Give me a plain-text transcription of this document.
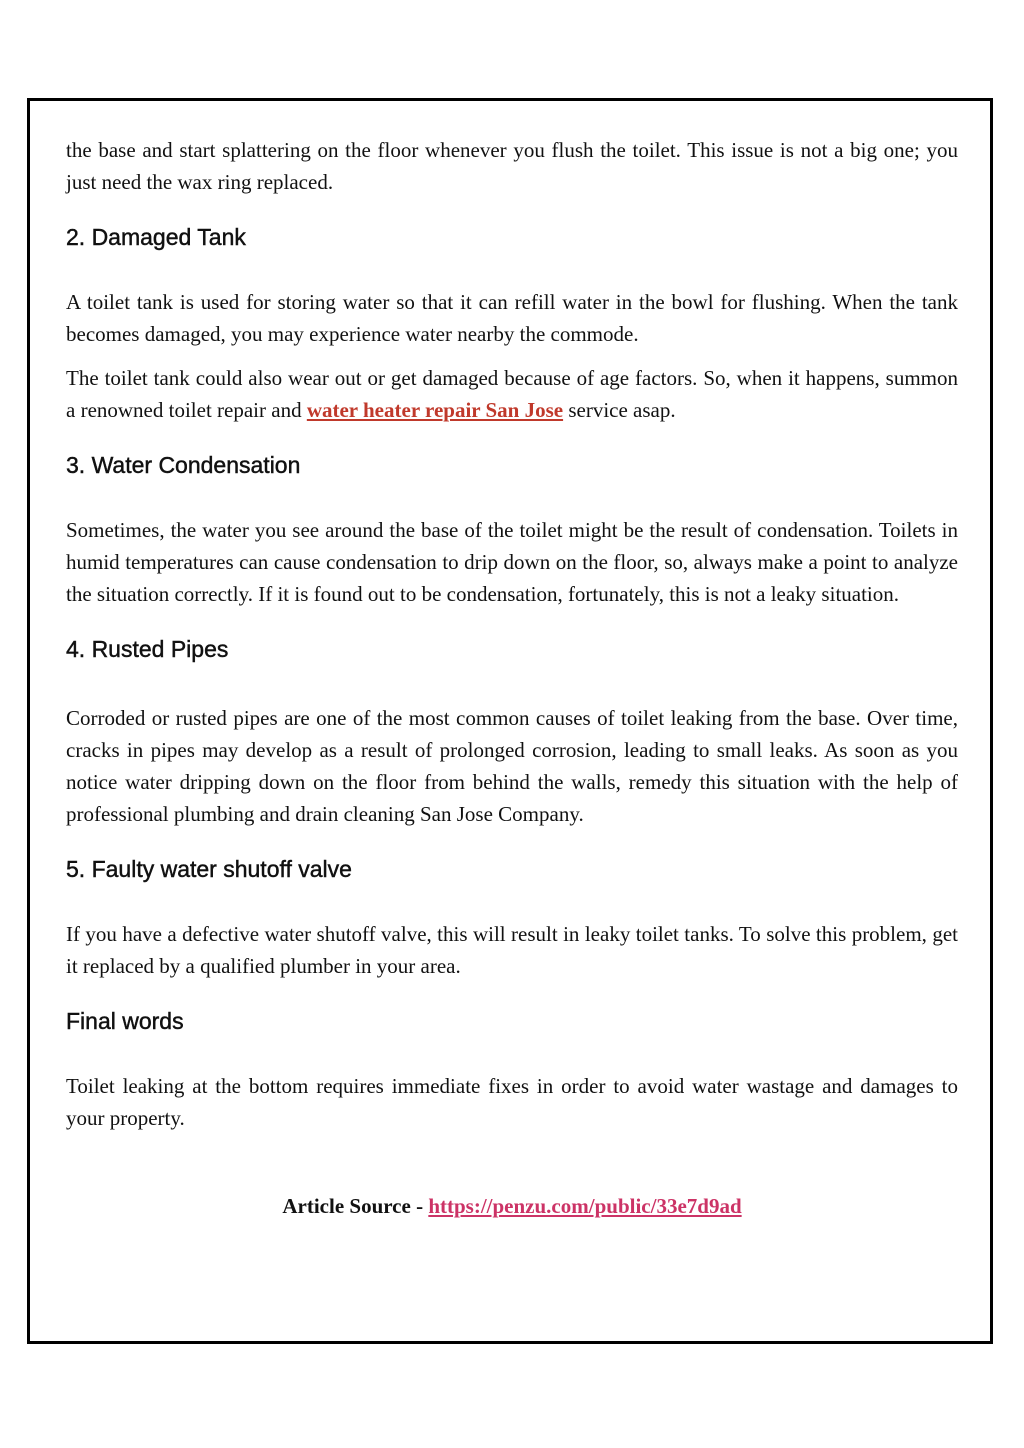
the base and start splattering on the floor whenever you flush the toilet. This issue is not a big one; you just need the wax ring replaced.

2. Damaged Tank

A toilet tank is used for storing water so that it can refill water in the bowl for flushing. When the tank becomes damaged, you may experience water nearby the commode.

The toilet tank could also wear out or get damaged because of age factors. So, when it happens, summon a renowned toilet repair and water heater repair San Jose service asap.

3. Water Condensation

Sometimes, the water you see around the base of the toilet might be the result of condensation. Toilets in humid temperatures can cause condensation to drip down on the floor, so, always make a point to analyze the situation correctly. If it is found out to be condensation, fortunately, this is not a leaky situation.

4. Rusted Pipes

Corroded or rusted pipes are one of the most common causes of toilet leaking from the base. Over time, cracks in pipes may develop as a result of prolonged corrosion, leading to small leaks. As soon as you notice water dripping down on the floor from behind the walls, remedy this situation with the help of professional plumbing and drain cleaning San Jose Company.

5. Faulty water shutoff valve

If you have a defective water shutoff valve, this will result in leaky toilet tanks. To solve this problem, get it replaced by a qualified plumber in your area.

Final words

Toilet leaking at the bottom requires immediate fixes in order to avoid water wastage and damages to your property.

Article Source - https://penzu.com/public/33e7d9ad
